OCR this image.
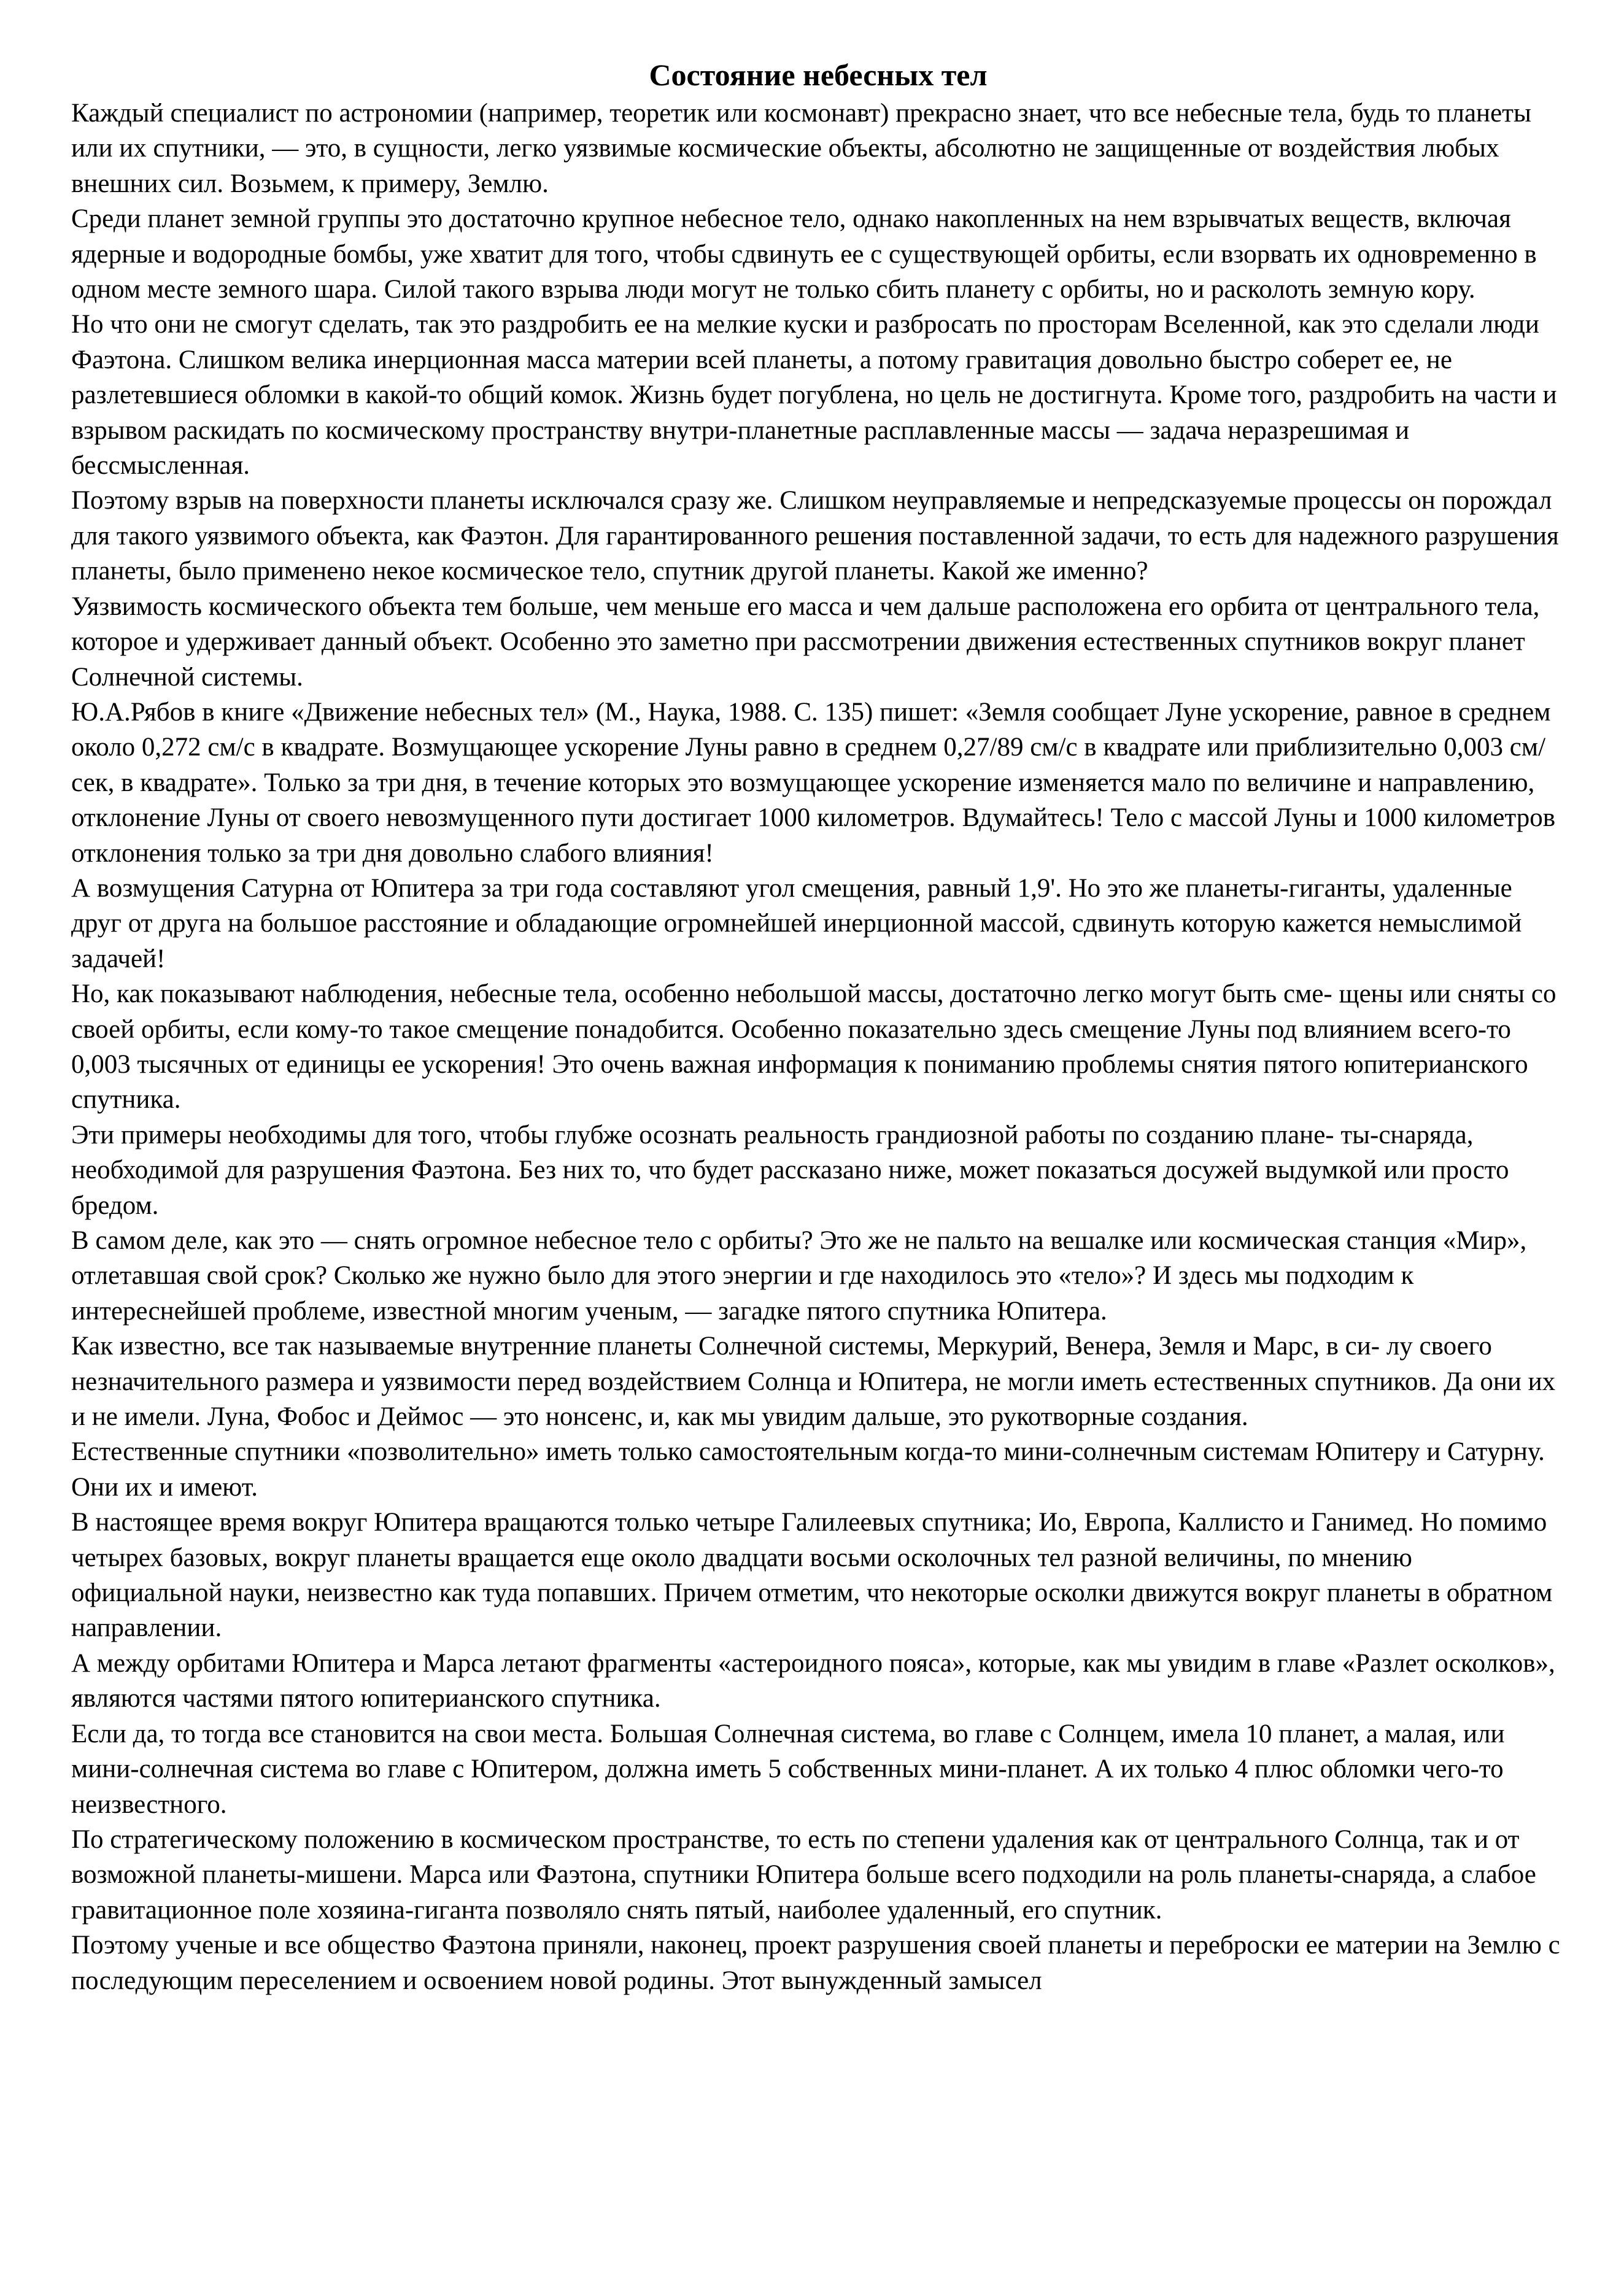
Состояние небесных тел

Каждый специалист по астрономии (например, теоретик или космонавт) прекрасно знает, что все небесные тела, будь то планеты или их спутники, — это, в сущности, легко уязвимые космические объекты, абсолютно не защищенные от воздействия любых внешних сил. Возьмем, к примеру, Землю.

Среди планет земной группы это достаточно крупное небесное тело, однако накопленных на нем взрывчатых веществ, включая ядерные и водородные бомбы, уже хватит для того, чтобы сдвинуть ее с существующей орбиты, если взорвать их одновременно в одном месте земного шара. Силой такого взрыва люди могут не только сбить планету с орбиты, но и расколоть земную кору.

Но что они не смогут сделать, так это раздробить ее на мелкие куски и разбросать по просторам Вселенной, как это сделали люди Фаэтона. Слишком велика инерционная масса материи всей планеты, а потому гравитация довольно быстро соберет ее, не разлетевшиеся обломки в какой-то общий комок. Жизнь будет погублена, но цель не достигнута. Кроме того, раздробить на части и взрывом раскидать по космическому пространству внутри-планетные расплавленные массы — задача неразрешимая и бессмысленная.

Поэтому взрыв на поверхности планеты исключался сразу же. Слишком неуправляемые и непредсказуемые процессы он порождал для такого уязвимого объекта, как Фаэтон. Для гарантированного решения поставленной задачи, то есть для надежного разрушения планеты, было применено некое космическое тело, спутник другой планеты. Какой же именно?

Уязвимость космического объекта тем больше, чем меньше его масса и чем дальше расположена его орбита от центрального тела, которое и удерживает данный объект. Особенно это заметно при рассмотрении движения естественных спутников вокруг планет Солнечной системы.

Ю.А.Рябов в книге «Движение небесных тел» (М., Наука, 1988. С. 135) пишет: «Земля сообщает Луне ускорение, равное в среднем около 0,272 см/с в квадрате. Возмущающее ускорение Луны равно в среднем 0,27/89 см/с в квадрате или приблизительно 0,003 см/сек, в квадрате». Только за три дня, в течение которых это возмущающее ускорение изменяется мало по величине и направлению, отклонение Луны от своего невозмущенного пути достигает 1000 километров. Вдумайтесь! Тело с массой Луны и 1000 километров отклонения только за три дня довольно слабого влияния!

А возмущения Сатурна от Юпитера за три года составляют угол смещения, равный 1,9'. Но это же планеты-гиганты, удаленные друг от друга на большое расстояние и обладающие огромнейшей инерционной массой, сдвинуть которую кажется немыслимой задачей!

Но, как показывают наблюдения, небесные тела, особенно небольшой массы, достаточно легко могут быть сме- щены или сняты со своей орбиты, если кому-то такое смещение понадобится. Особенно показательно здесь смещение Луны под влиянием всего-то 0,003 тысячных от единицы ее ускорения! Это очень важная информация к пониманию проблемы снятия пятого юпитерианского спутника.

Эти примеры необходимы для того, чтобы глубже осознать реальность грандиозной работы по созданию плане- ты-снаряда, необходимой для разрушения Фаэтона. Без них то, что будет рассказано ниже, может показаться досужей выдумкой или просто бредом.

В самом деле, как это — снять огромное небесное тело с орбиты? Это же не пальто на вешалке или космическая станция «Мир», отлетавшая свой срок? Сколько же нужно было для этого энергии и где находилось это «тело»? И здесь мы подходим к интереснейшей проблеме, известной многим ученым, — загадке пятого спутника Юпитера.

Как известно, все так называемые внутренние планеты Солнечной системы, Меркурий, Венера, Земля и Марс, в си- лу своего незначительного размера и уязвимости перед воздействием Солнца и Юпитера, не могли иметь естественных спутников. Да они их и не имели. Луна, Фобос и Деймос — это нонсенс, и, как мы увидим дальше, это рукотворные создания.

Естественные спутники «позволительно» иметь только самостоятельным когда-то мини-солнечным системам Юпитеру и Сатурну. Они их и имеют.

В настоящее время вокруг Юпитера вращаются только четыре Галилеевых спутника; Ио, Европа, Каллисто и Ганимед. Но помимо четырех базовых, вокруг планеты вращается еще около двадцати восьми осколочных тел разной величины, по мнению официальной науки, неизвестно как туда попавших. Причем отметим, что некоторые осколки движутся вокруг планеты в обратном направлении.

А между орбитами Юпитера и Марса летают фрагменты «астероидного пояса», которые, как мы увидим в главе «Разлет осколков», являются частями пятого юпитерианского спутника.

Если да, то тогда все становится на свои места. Большая Солнечная система, во главе с Солнцем, имела 10 планет, а малая, или мини-солнечная система во главе с Юпитером, должна иметь 5 собственных мини-планет. А их только 4 плюс обломки чего-то неизвестного.

По стратегическому положению в космическом пространстве, то есть по степени удаления как от центрального Солнца, так и от возможной планеты-мишени. Марса или Фаэтона, спутники Юпитера больше всего подходили на роль планеты-снаряда, а слабое гравитационное поле хозяина-гиганта позволяло снять пятый, наиболее удаленный, его спутник.

Поэтому ученые и все общество Фаэтона приняли, наконец, проект разрушения своей планеты и переброски ее материи на Землю с последующим переселением и освоением новой родины. Этот вынужденный замысел
